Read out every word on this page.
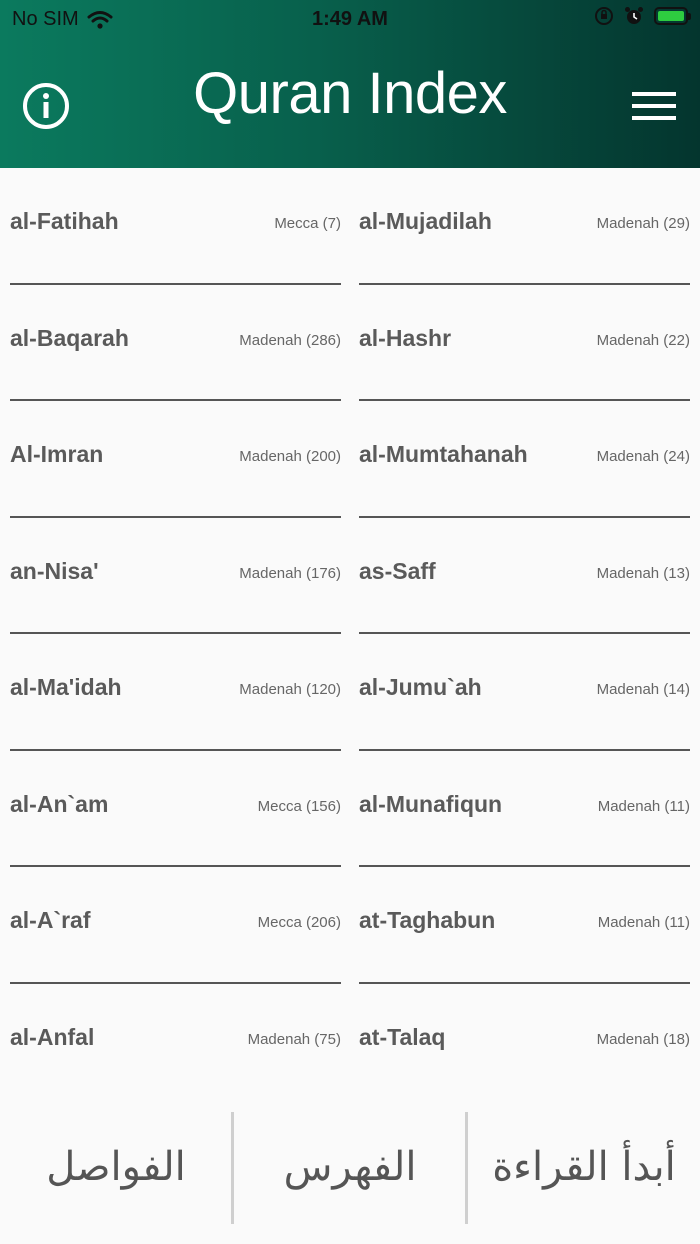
No SIM	1:49 AM
Quran Index
al-Fatihah	Mecca (7)
al-Baqarah	Madenah (286)
Al-Imran	Madenah (200)
an-Nisa'	Madenah (176)
al-Ma'idah	Madenah (120)
al-An`am	Mecca (156)
al-A`raf	Mecca (206)
al-Anfal	Madenah (75)
al-Mujadilah	Madenah (29)
al-Hashr	Madenah (22)
al-Mumtahanah	Madenah (24)
as-Saff	Madenah (13)
al-Jumu`ah	Madenah (14)
al-Munafiqun	Madenah (11)
at-Taghabun	Madenah (11)
at-Talaq	Madenah (18)
الفواصل	الفهرس	أبدأ القراءة
